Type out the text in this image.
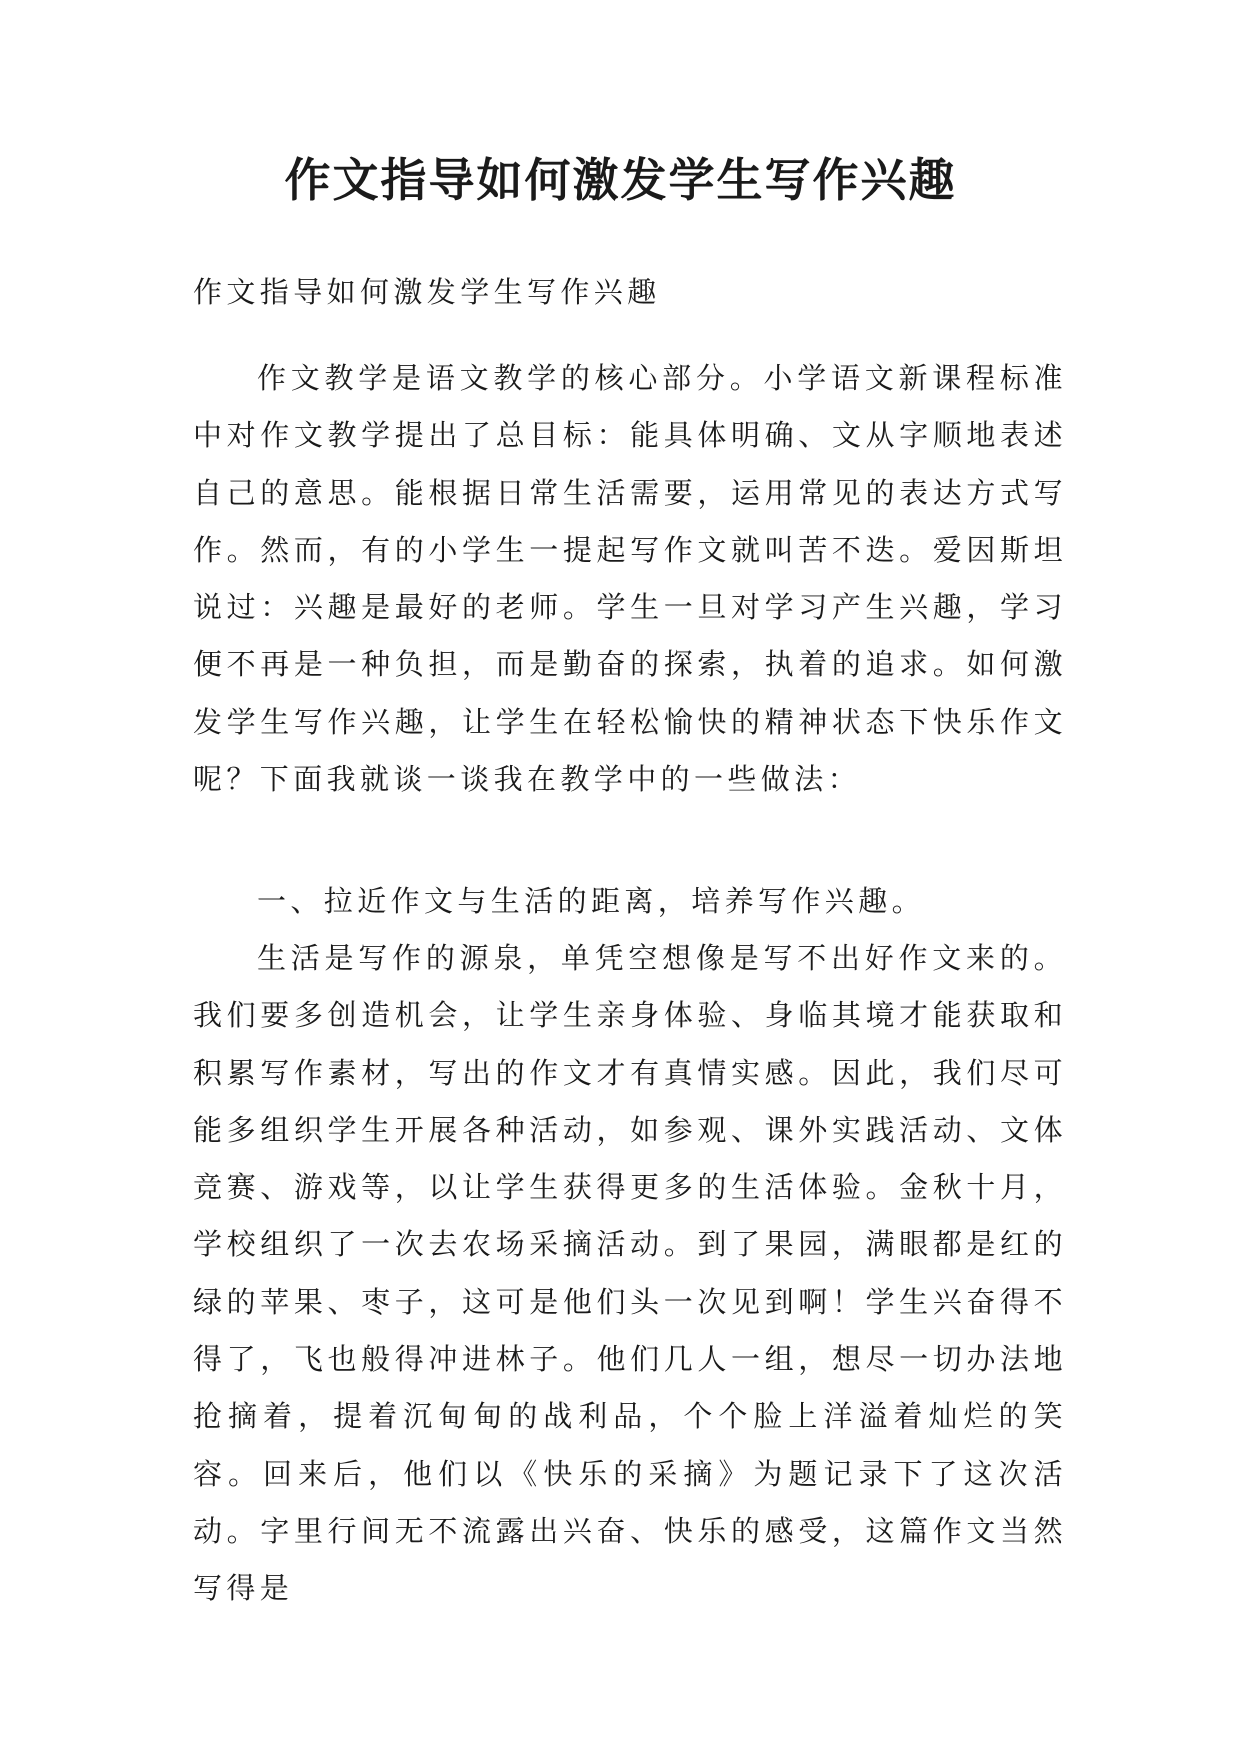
作文指导如何激发学生写作兴趣

作文指导如何激发学生写作兴趣

作文教学是语文教学的核心部分。小学语文新课程标准中对作文教学提出了总目标：能具体明确、文从字顺地表述自己的意思。能根据日常生活需要，运用常见的表达方式写作。然而，有的小学生一提起写作文就叫苦不迭。爱因斯坦说过：兴趣是最好的老师。学生一旦对学习产生兴趣，学习便不再是一种负担，而是勤奋的探索，执着的追求。如何激发学生写作兴趣，让学生在轻松愉快的精神状态下快乐作文呢？下面我就谈一谈我在教学中的一些做法：

一、拉近作文与生活的距离，培养写作兴趣。

生活是写作的源泉，单凭空想像是写不出好作文来的。我们要多创造机会，让学生亲身体验、身临其境才能获取和积累写作素材，写出的作文才有真情实感。因此，我们尽可能多组织学生开展各种活动，如参观、课外实践活动、文体竞赛、游戏等，以让学生获得更多的生活体验。金秋十月，学校组织了一次去农场采摘活动。到了果园，满眼都是红的绿的苹果、枣子，这可是他们头一次见到啊！学生兴奋得不得了，飞也般得冲进林子。他们几人一组，想尽一切办法地抢摘着，提着沉甸甸的战利品，个个脸上洋溢着灿烂的笑容。回来后，他们以《快乐的采摘》为题记录下了这次活动。字里行间无不流露出兴奋、快乐的感受，这篇作文当然写得是
